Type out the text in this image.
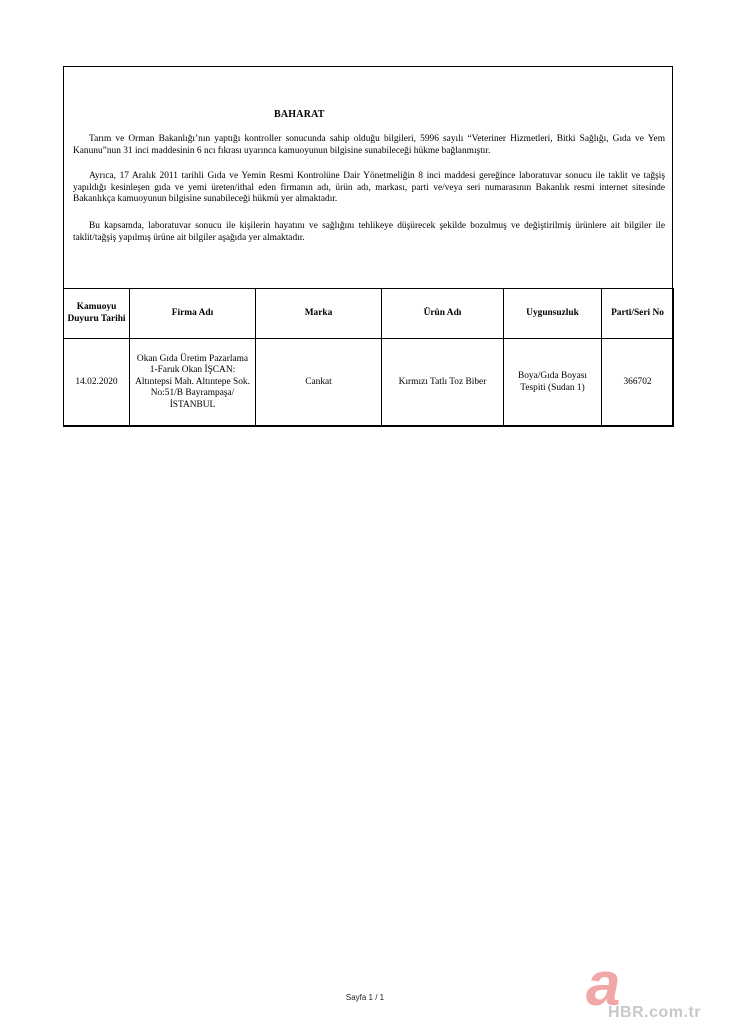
BAHARAT

Tarım ve Orman Bakanlığı’nın yaptığı kontroller sonucunda sahip olduğu bilgileri, 5996 sayılı “Veteriner Hizmetleri, Bitki Sağlığı, Gıda ve Yem Kanunu”nun 31 inci maddesinin 6 ncı fıkrası uyarınca kamuoyunun bilgisine sunabileceği hükme bağlanmıştır.

Ayrıca, 17 Aralık 2011 tarihli Gıda ve Yemin Resmi Kontrolüne Dair Yönetmeliğin 8 inci maddesi gereğince laboratuvar sonucu ile taklit ve tağşiş yapıldığı kesinleşen gıda ve yemi üreten/ithal eden firmanın adı, ürün adı, markası, parti ve/veya seri numarasının Bakanlık resmi internet sitesinde Bakanlıkça kamuoyunun bilgisine sunabileceği hükmü yer almaktadır.

Bu kapsamda, laboratuvar sonucu ile kişilerin hayatını ve sağlığını tehlikeye düşürecek şekilde bozulmuş ve değiştirilmiş ürünlere ait bilgiler ile taklit/tağşiş yapılmış ürüne ait bilgiler aşağıda yer almaktadır.

Kamuoyu Duyuru Tarihi	Firma Adı	Marka	Ürün Adı	Uygunsuzluk	Parti/Seri No
14.02.2020	Okan Gıda Üretim Pazarlama 1-Faruk Okan İŞCAN: Altıntepsi Mah. Altıntepe Sok. No:51/B Bayrampaşa/İSTANBUL	Cankat	Kırmızı Tatlı Toz Biber	Boya/Gıda Boyası Tespiti (Sudan 1)	366702
Sayfa 1 / 1	a
HBR.com.tr
